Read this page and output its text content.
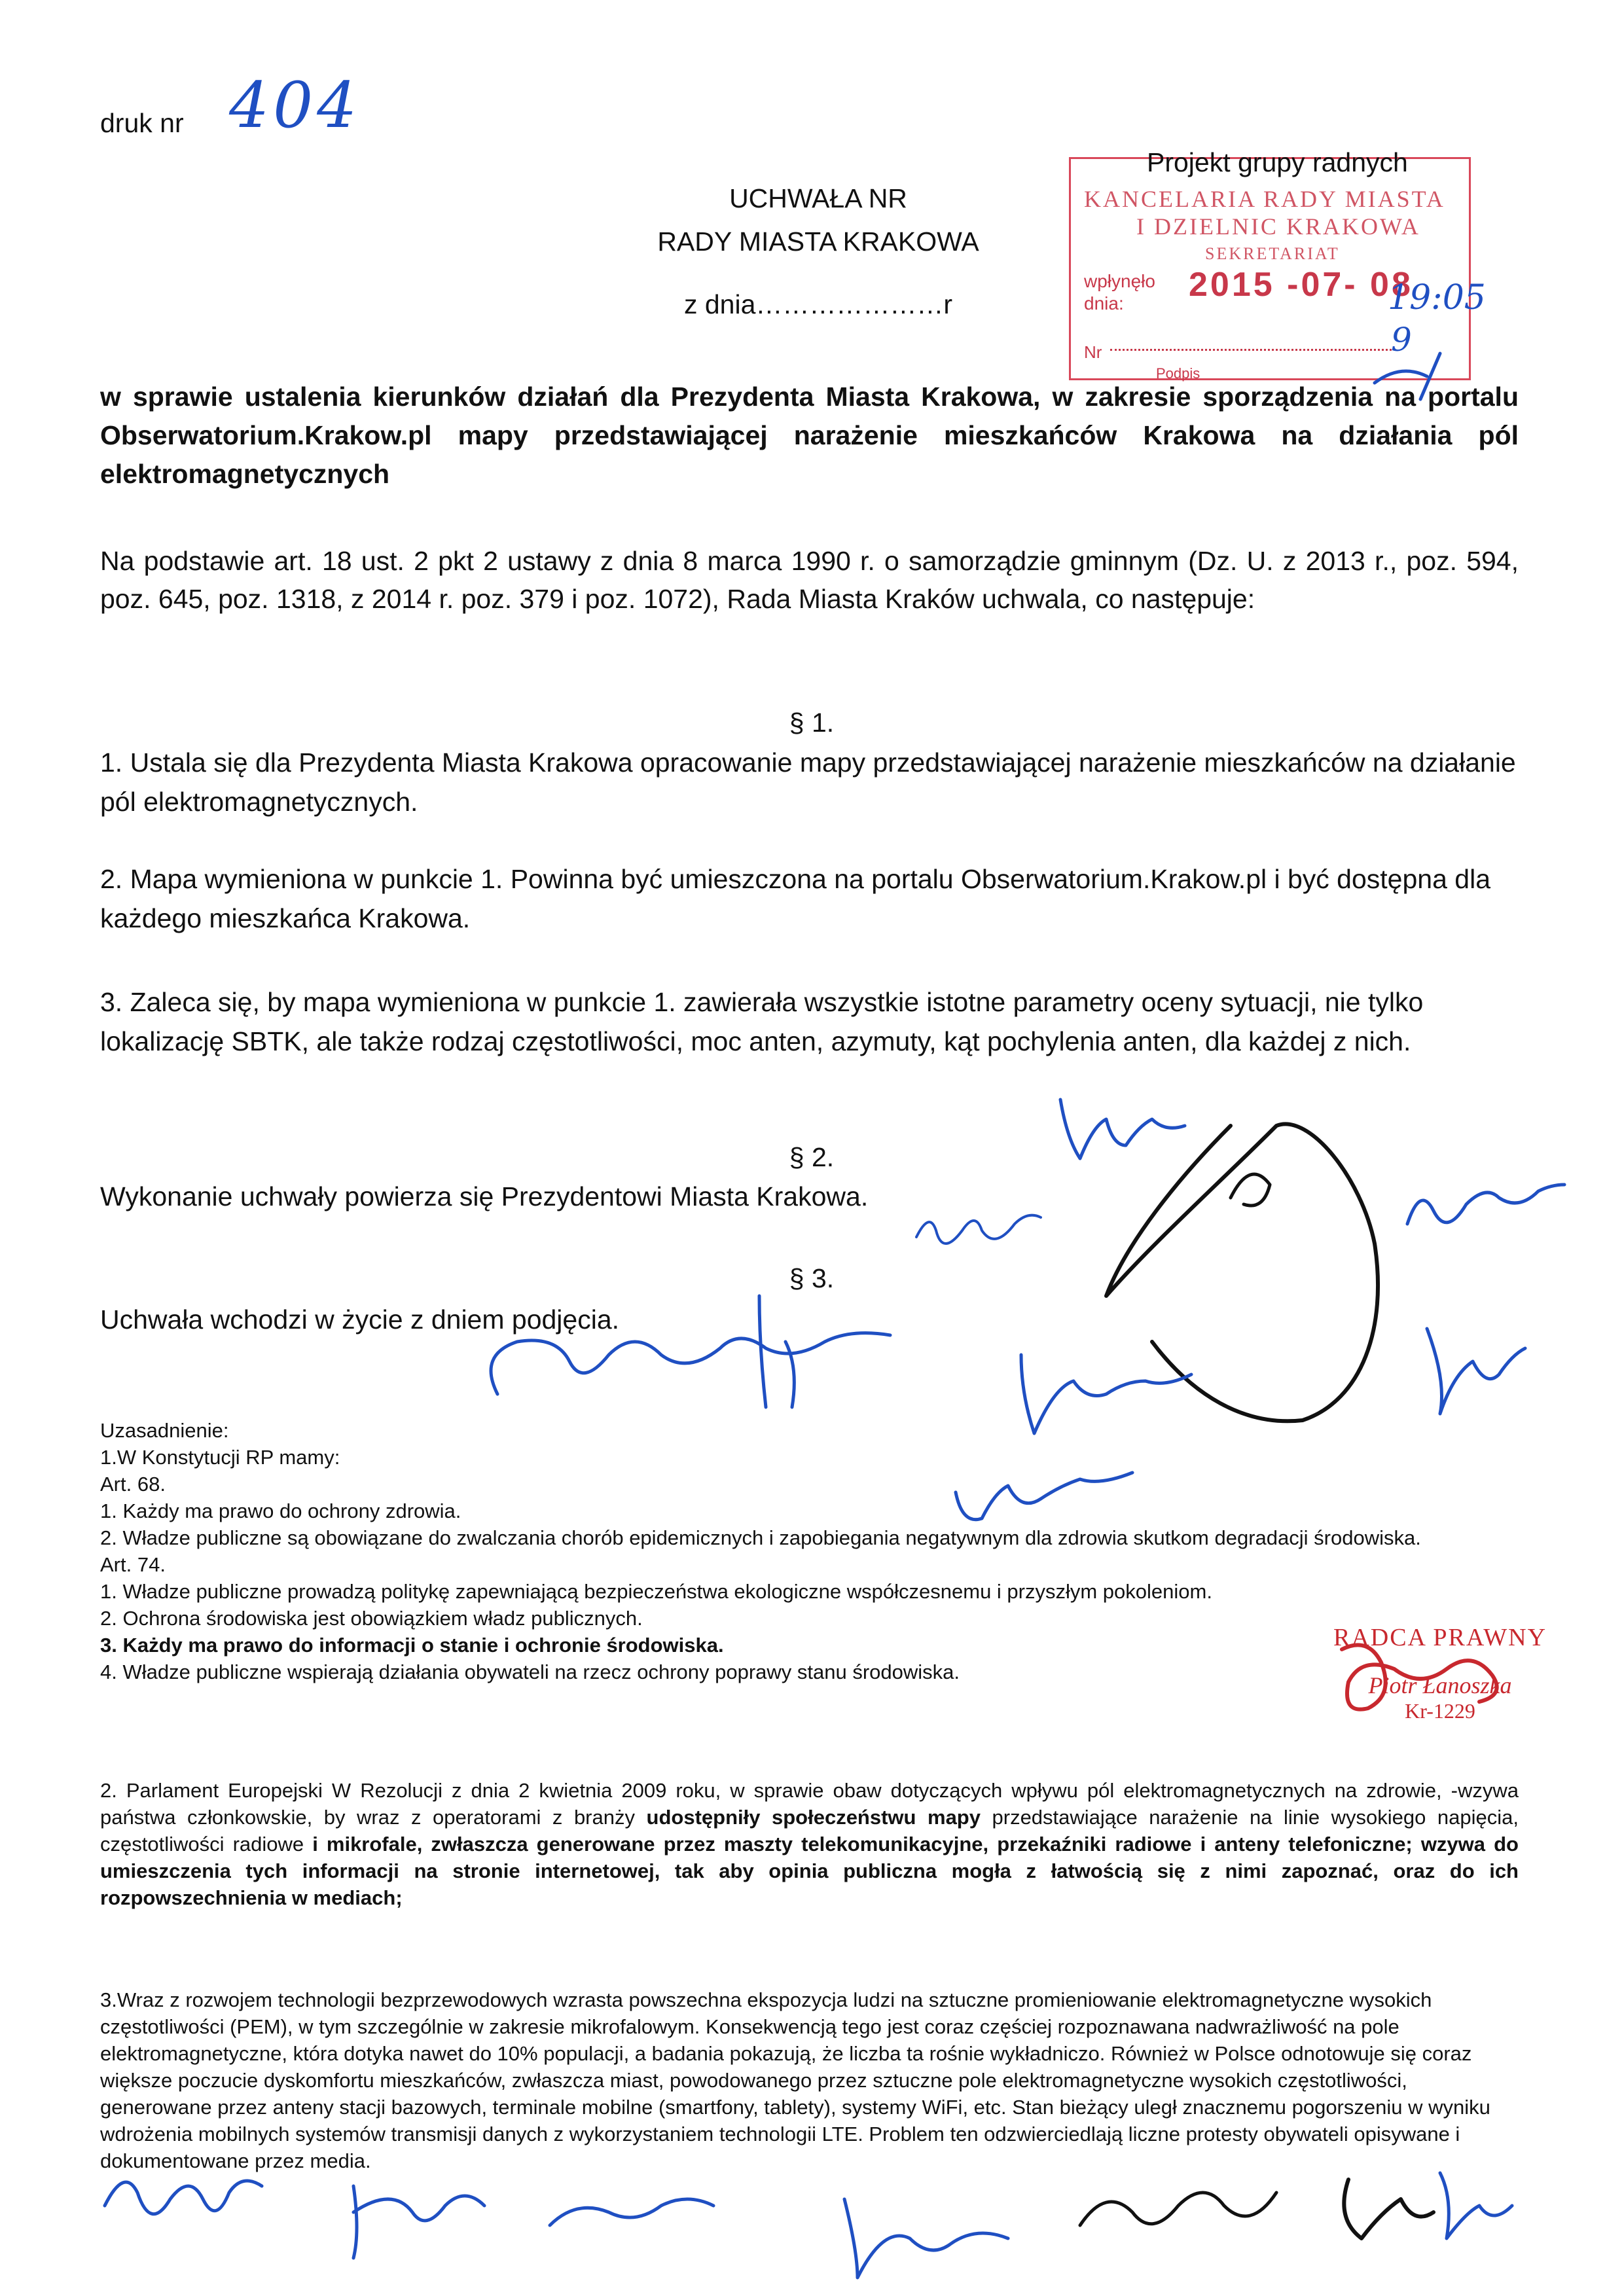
druk nr 404
KANCELARIA RADY MIASTA
I DZIELNIC KRAKOWA
SEKRETARIAT
wpłynęło dnia:	2015 -07- 08
Nr
Podpis
Projekt grupy radnych
19:05
9
UCHWAŁA NR
RADY MIASTA KRAKOWA
z dnia…………………r
w sprawie ustalenia kierunków działań dla Prezydenta Miasta Krakowa, w zakresie sporządzenia na portalu Obserwatorium.Krakow.pl mapy przedstawiającej narażenie mieszkańców Krakowa na działania pól elektromagnetycznych
Na podstawie art. 18 ust. 2 pkt 2 ustawy z dnia 8 marca 1990 r. o samorządzie gminnym (Dz. U. z 2013 r., poz. 594, poz. 645, poz. 1318, z 2014 r. poz. 379 i poz. 1072), Rada Miasta Kraków uchwala, co następuje:
§ 1.
1. Ustala się dla Prezydenta Miasta Krakowa opracowanie mapy przedstawiającej narażenie mieszkańców na działanie pól elektromagnetycznych.
2. Mapa wymieniona w punkcie 1. Powinna być umieszczona na portalu Obserwatorium.Krakow.pl i być dostępna dla każdego mieszkańca Krakowa.
3. Zaleca się, by mapa wymieniona w punkcie 1. zawierała wszystkie istotne parametry oceny sytuacji, nie tylko lokalizację SBTK, ale także rodzaj częstotliwości, moc anten, azymuty, kąt pochylenia anten, dla każdej z nich.
§ 2.
Wykonanie uchwały powierza się Prezydentowi Miasta Krakowa.
§ 3.
Uchwała wchodzi w życie z dniem podjęcia.
Uzasadnienie:
1.W Konstytucji RP mamy:
Art. 68.
1. Każdy ma prawo do ochrony zdrowia.
2. Władze publiczne są obowiązane do zwalczania chorób epidemicznych i zapobiegania negatywnym dla zdrowia skutkom degradacji środowiska.
Art. 74.
1. Władze publiczne prowadzą politykę zapewniającą bezpieczeństwa ekologiczne współczesnemu i przyszłym pokoleniom.
2. Ochrona środowiska jest obowiązkiem władz publicznych.
3. Każdy ma prawo do informacji o stanie i ochronie środowiska.
4. Władze publiczne wspierają działania obywateli na rzecz ochrony poprawy stanu środowiska.
RADCA PRAWNY
Piotr Łanoszka
Kr-1229
2. Parlament Europejski W Rezolucji z dnia 2 kwietnia 2009 roku, w sprawie obaw dotyczących wpływu pól elektromagnetycznych na zdrowie, -wzywa państwa członkowskie, by wraz z operatorami z branży udostępniły społeczeństwu mapy przedstawiające narażenie na linie wysokiego napięcia, częstotliwości radiowe i mikrofale, zwłaszcza generowane przez maszty telekomunikacyjne, przekaźniki radiowe i anteny telefoniczne; wzywa do umieszczenia tych informacji na stronie internetowej, tak aby opinia publiczna mogła z łatwością się z nimi zapoznać, oraz do ich rozpowszechnienia w mediach;
3.Wraz z rozwojem technologii bezprzewodowych wzrasta powszechna ekspozycja ludzi na sztuczne promieniowanie elektromagnetyczne wysokich częstotliwości (PEM), w tym szczególnie w zakresie mikrofalowym. Konsekwencją tego jest coraz częściej rozpoznawana nadwrażliwość na pole elektromagnetyczne, która dotyka nawet do 10% populacji, a badania pokazują, że liczba ta rośnie wykładniczo. Również w Polsce odnotowuje się coraz większe poczucie dyskomfortu mieszkańców, zwłaszcza miast, powodowanego przez sztuczne pole elektromagnetyczne wysokich częstotliwości, generowane przez anteny stacji bazowych, terminale mobilne (smartfony, tablety), systemy WiFi, etc. Stan bieżący uległ znacznemu pogorszeniu w wyniku wdrożenia mobilnych systemów transmisji danych z wykorzystaniem technologii LTE. Problem ten odzwierciedlają liczne protesty obywateli opisywane i dokumentowane przez media.
